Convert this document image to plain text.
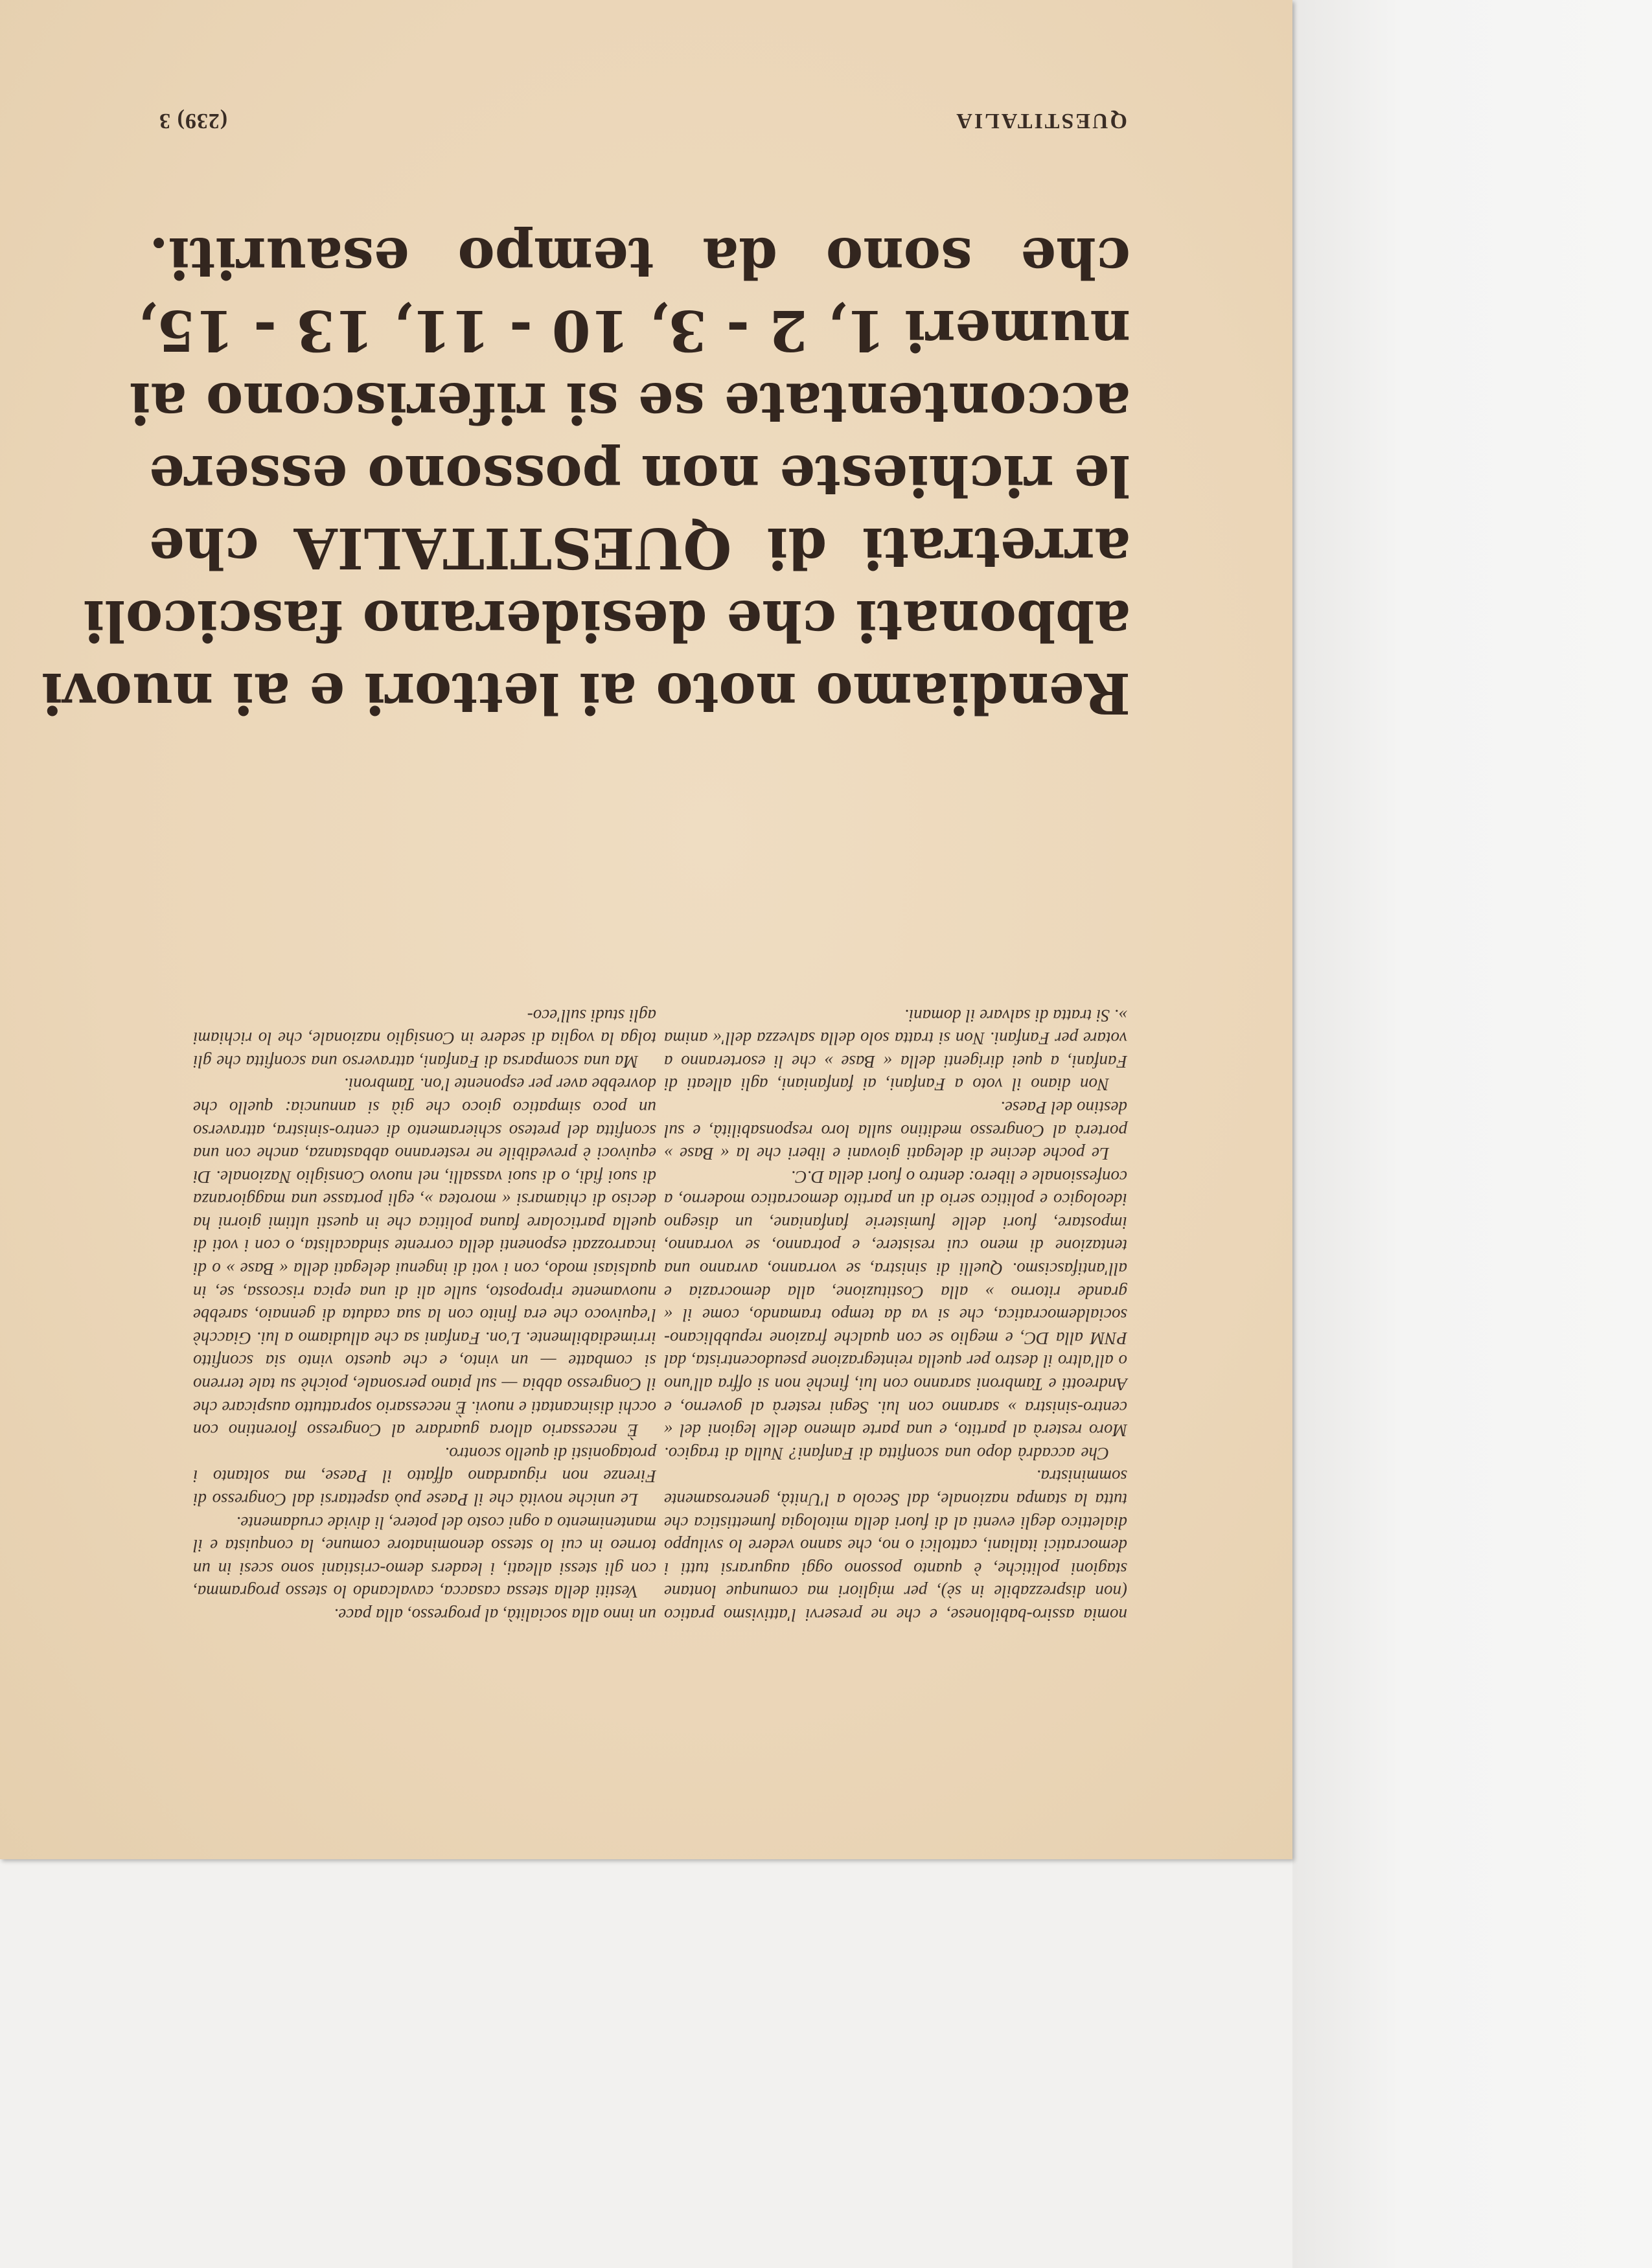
un inno alla socialità, al progresso, alla pace.

Vestiti della stessa casacca, cavalcando lo stesso programma, con gli stessi alleati, i leaders demo-cristiani sono scesi in un torneo in cui lo stesso denominatore comune, la conquista e il mantenimento a ogni costo del potere, li divide crudamente.

Le uniche novità che il Paese può aspettarsi dal Congresso di Firenze non riguardano affatto il Paese, ma soltanto i protagonisti di quello scontro.

È necessario allora guardare al Congresso fiorentino con occhi disincantati e nuovi. È necessario soprattutto auspicare che il Congresso abbia — sul piano personale, poichè su tale terreno si combatte — un vinto, e che questo vinto sia sconfitto irrimediabilmente. L'on. Fanfani sa che alludiamo a lui. Giacchè l'equivoco che era finito con la sua caduta di gennaio, sarebbe nuovamente riproposto, sulle ali di una epica riscossa, se, in qualsiasi modo, con i voti di ingenui delegati della « Base » o di incarrozzati esponenti della corrente sindacalista, o con i voti di quella particolare fauna politica che in questi ultimi giorni ha deciso di chiamarsi « morotea », egli portasse una maggioranza di suoi fidi, o di suoi vassalli, nel nuovo Consiglio Nazionale. Di equivoci è prevedibile ne resteranno abbastanza, anche con una sconfitta del preteso schieramento di centro-sinistra, attraverso un poco simpatico gioco che già si annuncia: quello che dovrebbe aver per esponente l'on. Tambroni.

Ma una scomparsa di Fanfani, attraverso una sconfitta che gli tolga la voglia di sedere in Consiglio nazionale, che lo richiami agli studi sull'eco-

nomia assiro-babilonese, e che ne preservi l'attivismo pratico (non disprezzabile in sè), per migliori ma comunque lontane stagioni politiche, è quanto possono oggi augurarsi tutti i democratici italiani, cattolici o no, che sanno vedere lo sviluppo dialettico degli eventi al di fuori della mitologia fumettistica che tutta la stampa nazionale, dal Secolo a l'Unità, generosamente somministra.

Che accadrà dopo una sconfitta di Fanfani? Nulla di tragico. Moro resterà al partito, e una parte almeno delle legioni del « centro-sinistra » saranno con lui. Segni resterà al governo, e Andreotti e Tambroni saranno con lui, finchè non si offra all'uno o all'altro il destro per quella reintegrazione pseudocentrista, dal PNM alla DC, e meglio se con qualche frazione repubblicano-socialdemocratica, che si va da tempo tramando, come il « grande ritorno » alla Costituzione, alla democrazia e all'antifascismo. Quelli di sinistra, se vorranno, avranno una tentazione di meno cui resistere, e potranno, se vorranno, impostare, fuori delle fumisterie fanfaniane, un disegno ideologico e politico serio di un partito democratico moderno, a confessionale e libero: dentro o fuori della D.C.

Le poche decine di delegati giovani e liberi che la « Base » porterà al Congresso meditino sulla loro responsabilità, e sul destino del Paese.

Non diano il voto a Fanfani, ai fanfaniani, agli alleati di Fanfani, a quei dirigenti della « Base » che li esorteranno a votare per Fanfani. Non si tratta solo della salvezza dell'« anima ». Si tratta di salvare il domani.

Rendiamo noto ai lettori e ai nuovi
abbonati che desiderano fascicoli
arretrati di QUESTITALIA che
le richieste non possono essere
accontentate se si riferiscono ai
numeri 1, 2 - 3, 10 - 11, 13 - 15,
che sono da tempo esauriti.
QUESTITALIA
(239) 3
